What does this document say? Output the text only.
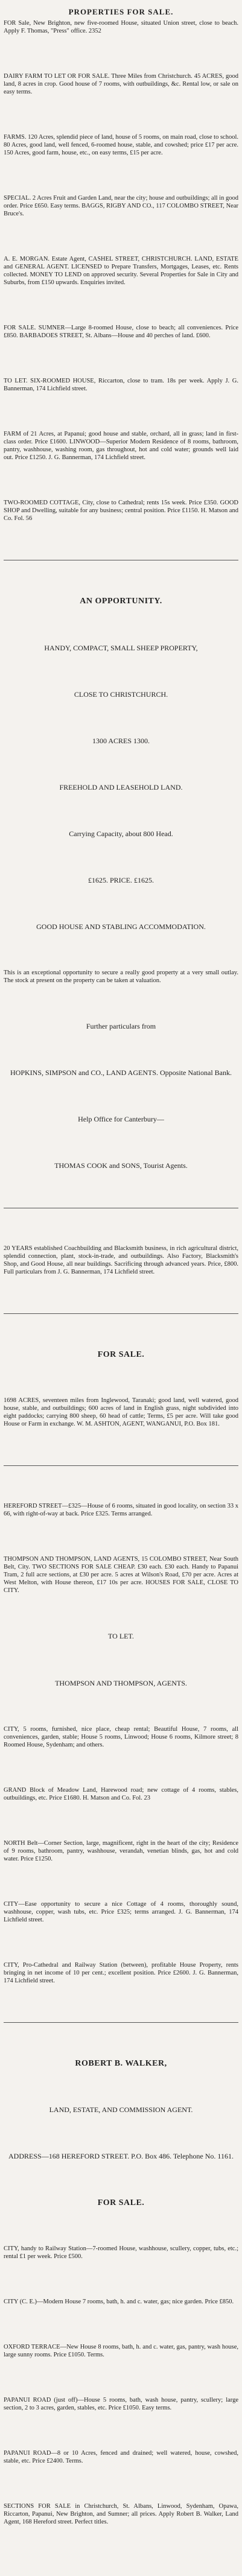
PROPERTIES FOR SALE.
FOR Sale, New Brighton, new five-roomed House, situated Union street, close to beach. Apply F. Thomas, "Press" office. 2352
DAIRY FARM TO LET OR FOR SALE. Three Miles from Christchurch. 45 ACRES, good land, 8 acres in crop. Good house of 7 rooms, with outbuildings, &c. Rental low, or sale on easy terms.
FARMS. 120 Acres, splendid piece of land, house of 5 rooms, on main road, close to school. 80 Acres, good land, well fenced, 6-roomed house, stable, and cowshed; price £17 per acre. 150 Acres, good farm, house, etc., on easy terms, £15 per acre.
SPECIAL. 2 Acres Fruit and Garden Land, near the city; house and outbuildings; all in good order. Price £650. Easy terms. BAGGS, RIGBY AND CO., 117 COLOMBO STREET, Near Bruce's.
A. E. MORGAN. Estate Agent, CASHEL STREET, CHRISTCHURCH. LAND, ESTATE and GENERAL AGENT. LICENSED to Prepare Transfers, Mortgages, Leases, etc. Rents collected. MONEY TO LEND on approved security. Several Properties for Sale in City and Suburbs, from £150 upwards. Enquiries invited.
FOR SALE. SUMNER—Large 8-roomed House, close to beach; all conveniences. Price £850. BARBADOES STREET, St. Albans—House and 40 perches of land. £600.
TO LET. SIX-ROOMED HOUSE, Riccarton, close to tram. 18s per week. Apply J. G. Bannerman, 174 Lichfield street.
FARM of 21 Acres, at Papanui; good house and stable, orchard, all in grass; land in first-class order. Price £1600. LINWOOD—Superior Modern Residence of 8 rooms, bathroom, pantry, washhouse, washing room, gas throughout, hot and cold water; grounds well laid out. Price £1250. J. G. Bannerman, 174 Lichfield street.
TWO-ROOMED COTTAGE, City, close to Cathedral; rents 15s week. Price £350. GOOD SHOP and Dwelling, suitable for any business; central position. Price £1150. H. Matson and Co. Fol. 56
AN OPPORTUNITY.
HANDY, COMPACT, SMALL SHEEP PROPERTY,
CLOSE TO CHRISTCHURCH.
1300 ACRES 1300.
FREEHOLD AND LEASEHOLD LAND.
Carrying Capacity, about 800 Head.
£1625. PRICE. £1625.
GOOD HOUSE AND STABLING ACCOMMODATION.
This is an exceptional opportunity to secure a really good property at a very small outlay. The stock at present on the property can be taken at valuation.
Further particulars from
HOPKINS, SIMPSON and CO., LAND AGENTS. Opposite National Bank.
Help Office for Canterbury—
THOMAS COOK and SONS, Tourist Agents.
20 YEARS established Coachbuilding and Blacksmith business, in rich agricultural district, splendid connection, plant, stock-in-trade, and outbuildings. Also Factory, Blacksmith's Shop, and Good House, all near buildings. Sacrificing through advanced years. Price, £800. Full particulars from J. G. Bannerman, 174 Lichfield street.
FOR SALE.
1698 ACRES, seventeen miles from Inglewood, Taranaki; good land, well watered, good house, stable, and outbuildings; 600 acres of land in English grass, night subdivided into eight paddocks; carrying 800 sheep, 60 head of cattle; Terms, £5 per acre. Will take good House or Farm in exchange. W. M. ASHTON, AGENT, WANGANUI, P.O. Box 181.
HEREFORD STREET—£325—House of 6 rooms, situated in good locality, on section 33 x 66, with right-of-way at back. Price £325. Terms arranged.
THOMPSON AND THOMPSON, LAND AGENTS, 15 COLOMBO STREET, Near South Belt, City. TWO SECTIONS FOR SALE CHEAP. £30 each. £30 each. Handy to Papanui Tram, 2 full acre sections, at £30 per acre. 5 acres at Wilson's Road, £70 per acre. Acres at West Melton, with House thereon, £17 10s per acre. HOUSES FOR SALE, CLOSE TO CITY.
TO LET.
THOMPSON AND THOMPSON, AGENTS.
CITY, 5 rooms, furnished, nice place, cheap rental; Beautiful House, 7 rooms, all conveniences, garden, stable; House 5 rooms, Linwood; House 6 rooms, Kilmore street; 8 Roomed House, Sydenham; and others.
GRAND Block of Meadow Land, Harewood road; new cottage of 4 rooms, stables, outbuildings, etc. Price £1680. H. Matson and Co. Fol. 23
NORTH Belt—Corner Section, large, magnificent, right in the heart of the city; Residence of 9 rooms, bathroom, pantry, washhouse, verandah, venetian blinds, gas, hot and cold water. Price £1250.
CITY—Ease opportunity to secure a nice Cottage of 4 rooms, thoroughly sound, washhouse, copper, wash tubs, etc. Price £325; terms arranged. J. G. Bannerman, 174 Lichfield street.
CITY, Pro-Cathedral and Railway Station (between), profitable House Property, rents bringing in net income of 10 per cent.; excellent position. Price £2600. J. G. Bannerman, 174 Lichfield street.
ROBERT B. WALKER,
LAND, ESTATE, AND COMMISSION AGENT.
ADDRESS—168 HEREFORD STREET. P.O. Box 486. Telephone No. 1161.
FOR SALE.
CITY, handy to Railway Station—7-roomed House, washhouse, scullery, copper, tubs, etc.; rental £1 per week. Price £500.
CITY (C. E.)—Modern House 7 rooms, bath, h. and c. water, gas; nice garden. Price £850.
OXFORD TERRACE—New House 8 rooms, bath, h. and c. water, gas, pantry, wash house, large sunny rooms. Price £1050. Terms.
PAPANUI ROAD (just off)—House 5 rooms, bath, wash house, pantry, scullery; large section, 2 to 3 acres, garden, stables, etc. Price £1050. Easy terms.
PAPANUI ROAD—8 or 10 Acres, fenced and drained; well watered, house, cowshed, stable, etc. Price £2400. Terms.
SECTIONS FOR SALE in Christchurch, St. Albans, Linwood, Sydenham, Opawa, Riccarton, Papanui, New Brighton, and Sumner; all prices. Apply Robert B. Walker, Land Agent, 168 Hereford street. Perfect titles.
